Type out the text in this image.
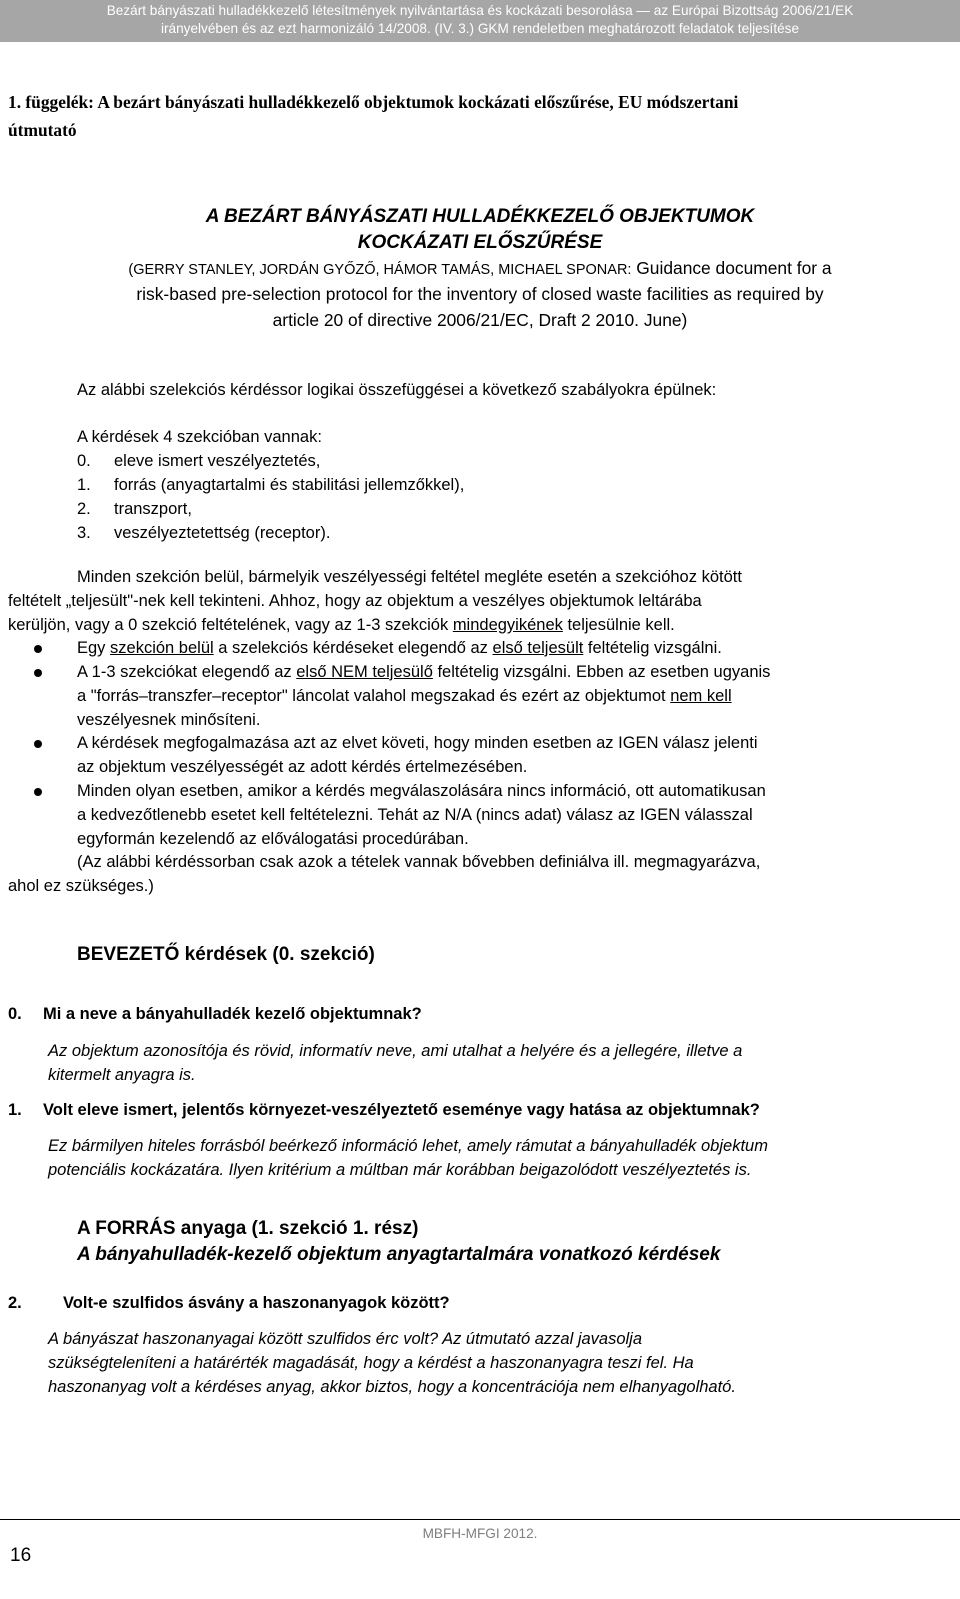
Bezárt bányászati hulladékkezelő létesítmények nyilvántartása és kockázati besorolása — az Európai Bizottság 2006/21/EK
irányelvében és az ezt harmonizáló 14/2008. (IV. 3.) GKM rendeletben meghatározott feladatok teljesítése
1. függelék: A bezárt bányászati hulladékkezelő objektumok kockázati előszűrése, EU módszertani
útmutató
A BEZÁRT BÁNYÁSZATI HULLADÉKKEZELŐ OBJEKTUMOK
KOCKÁZATI ELŐSZŰRÉSE
(GERRY STANLEY, JORDÁN GYŐZŐ, HÁMOR TAMÁS, MICHAEL SPONAR: Guidance document for a
risk-based pre-selection protocol for the inventory of closed waste facilities as required by
article 20 of directive 2006/21/EC, Draft 2 2010. June)
Az alábbi szelekciós kérdéssor logikai összefüggései a következő szabályokra épülnek:
A kérdések 4 szekcióban vannak:
0. eleve ismert veszélyeztetés,
1. forrás (anyagtartalmi és stabilitási jellemzőkkel),
2. transzport,
3. veszélyeztetettség (receptor).
Minden szekción belül, bármelyik veszélyességi feltétel megléte esetén a szekcióhoz kötött
feltételt „teljesült"-nek kell tekinteni. Ahhoz, hogy az objektum a veszélyes objektumok leltárába
kerüljön, vagy a 0 szekció feltételének, vagy az 1-3 szekciók mindegyikének teljesülnie kell.
Egy szekción belül a szelekciós kérdéseket elegendő az első teljesült feltételig vizsgálni.
A 1-3 szekciókat elegendő az első NEM teljesülő feltételig vizsgálni. Ebben az esetben ugyanis
a "forrás–transzfer–receptor" láncolat valahol megszakad és ezért az objektumot nem kell
veszélyesnek minősíteni.
A kérdések megfogalmazása azt az elvet követi, hogy minden esetben az IGEN válasz jelenti
az objektum veszélyességét az adott kérdés értelmezésében.
Minden olyan esetben, amikor a kérdés megválaszolására nincs információ, ott automatikusan
a kedvezőtlenebb esetet kell feltételezni. Tehát az N/A (nincs adat) válasz az IGEN válasszal
egyformán kezelendő az előválogatási procedúrában.
(Az alábbi kérdéssorban csak azok a tételek vannak bővebben definiálva ill. megmagyarázva,
ahol ez szükséges.)
BEVEZETŐ kérdések (0. szekció)
0. Mi a neve a bányahulladék kezelő objektumnak?
Az objektum azonosítója és rövid, informatív neve, ami utalhat a helyére és a jellegére, illetve a
kitermelt anyagra is.
1. Volt eleve ismert, jelentős környezet-veszélyeztető eseménye vagy hatása az objektumnak?
Ez bármilyen hiteles forrásból beérkező információ lehet, amely rámutat a bányahulladék objektum
potenciális kockázatára. Ilyen kritérium a múltban már korábban beigazolódott veszélyeztetés is.
A FORRÁS anyaga (1. szekció 1. rész)
A bányahulladék-kezelő objektum anyagtartalmára vonatkozó kérdések
2. Volt-e szulfidos ásvány a haszonanyagok között?
A bányászat haszonanyagai között szulfidos érc volt? Az útmutató azzal javasolja
szükségteleníteni a határérték magadását, hogy a kérdést a haszonanyagra teszi fel. Ha
haszonanyag volt a kérdéses anyag, akkor biztos, hogy a koncentrációja nem elhanyagolható.
MBFH-MFGI 2012.
16
